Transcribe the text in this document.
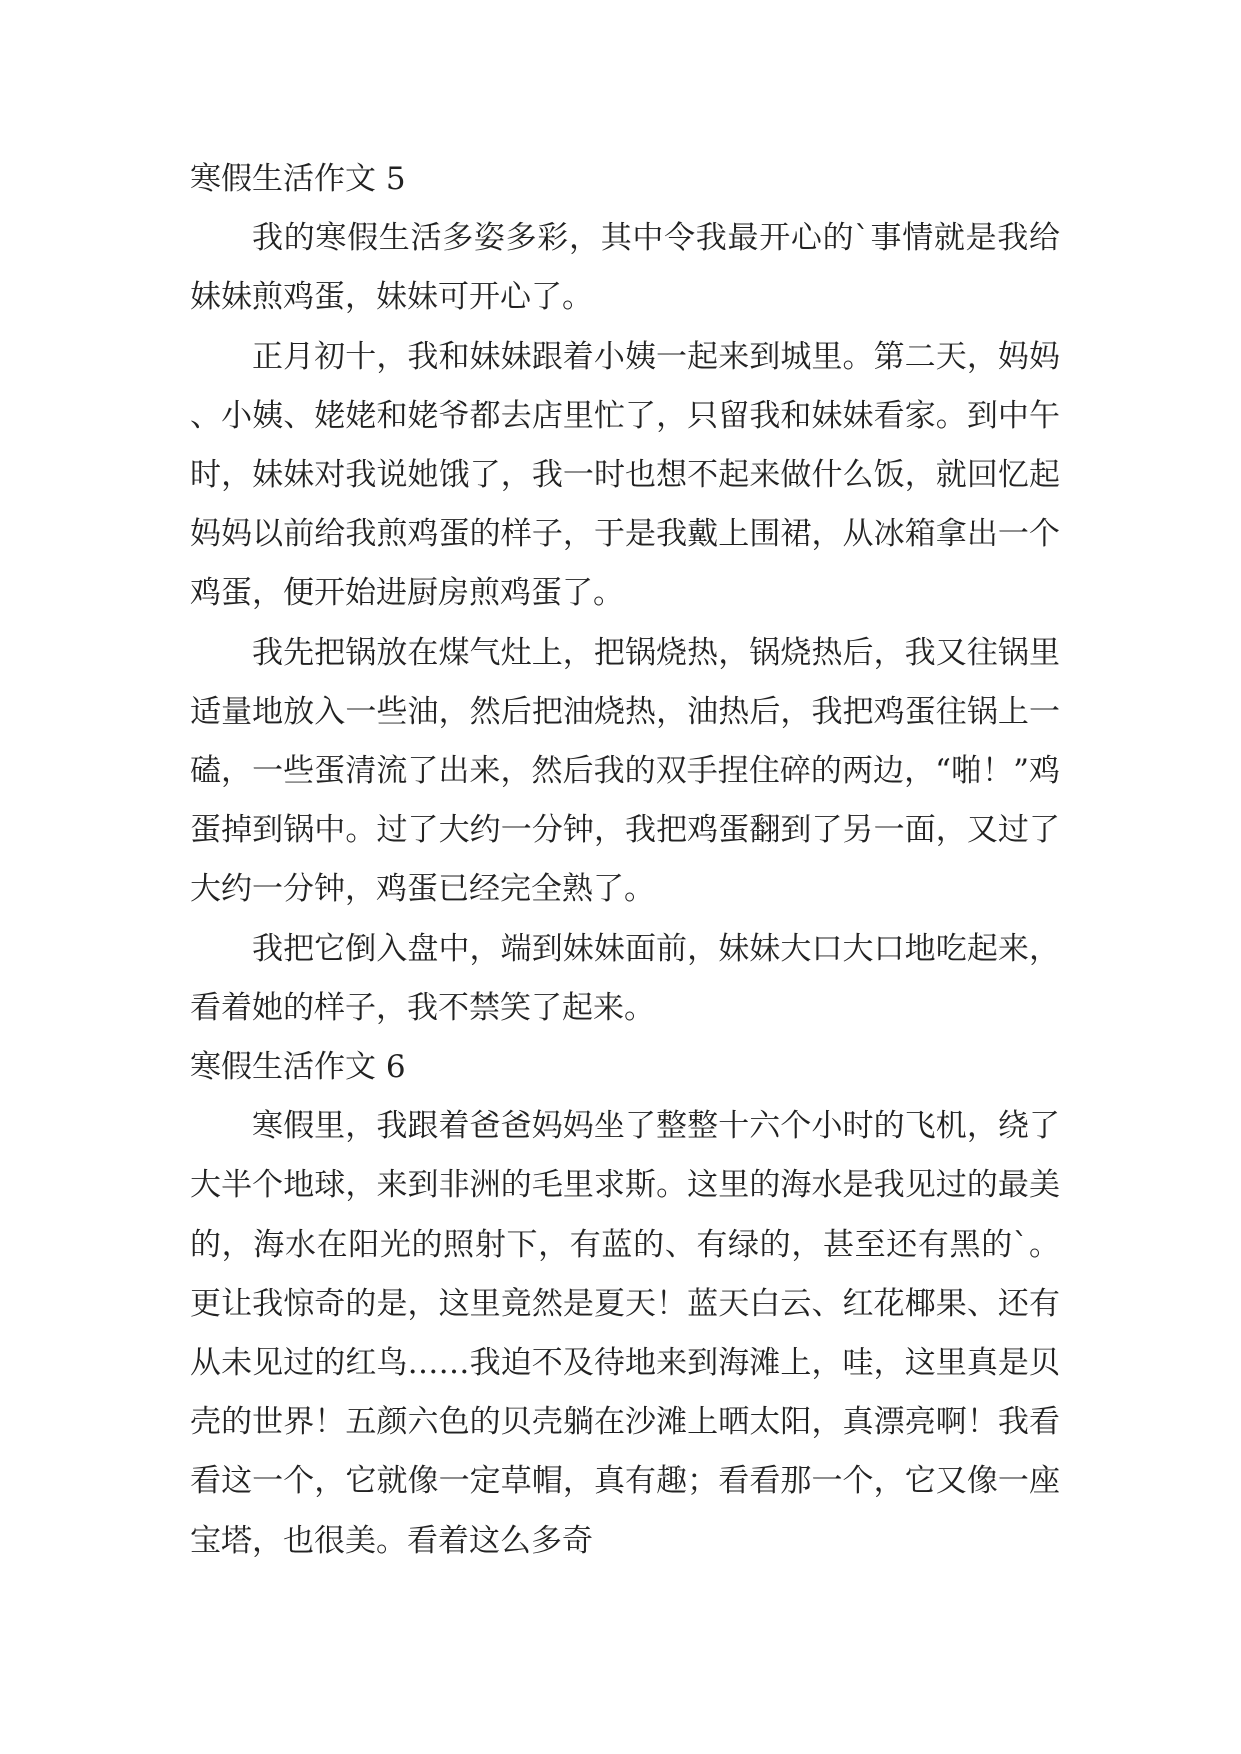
寒假生活作文 5

我的寒假生活多姿多彩，其中令我最开心的`事情就是我给妹妹煎鸡蛋，妹妹可开心了。

正月初十，我和妹妹跟着小姨一起来到城里。第二天，妈妈、小姨、姥姥和姥爷都去店里忙了，只留我和妹妹看家。到中午时，妹妹对我说她饿了，我一时也想不起来做什么饭，就回忆起妈妈以前给我煎鸡蛋的样子，于是我戴上围裙，从冰箱拿出一个鸡蛋，便开始进厨房煎鸡蛋了。

我先把锅放在煤气灶上，把锅烧热，锅烧热后，我又往锅里适量地放入一些油，然后把油烧热，油热后，我把鸡蛋往锅上一磕，一些蛋清流了出来，然后我的双手捏住碎的两边，“啪！”鸡蛋掉到锅中。过了大约一分钟，我把鸡蛋翻到了另一面，又过了大约一分钟，鸡蛋已经完全熟了。

我把它倒入盘中，端到妹妹面前，妹妹大口大口地吃起来，看着她的样子，我不禁笑了起来。

寒假生活作文 6

寒假里，我跟着爸爸妈妈坐了整整十六个小时的飞机，绕了大半个地球，来到非洲的毛里求斯。这里的海水是我见过的最美的，海水在阳光的照射下，有蓝的、有绿的，甚至还有黑的`。更让我惊奇的是，这里竟然是夏天！蓝天白云、红花椰果、还有从未见过的红鸟……我迫不及待地来到海滩上，哇，这里真是贝壳的世界！五颜六色的贝壳躺在沙滩上晒太阳，真漂亮啊！我看看这一个，它就像一定草帽，真有趣；看看那一个，它又像一座宝塔，也很美。看着这么多奇
